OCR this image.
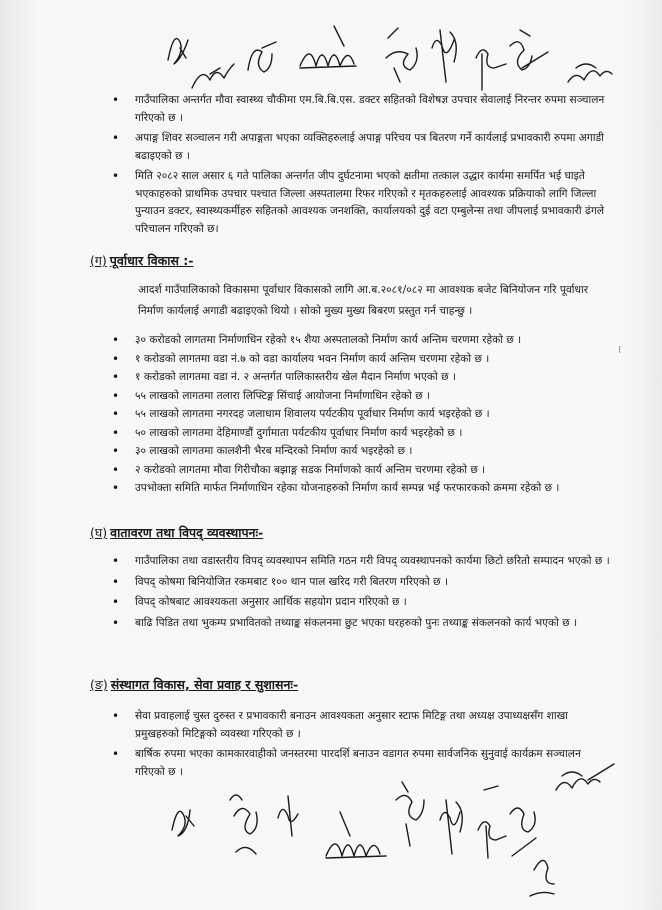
• गाउँपालिका अन्तर्गत मौवा स्वास्थ्य चौकीमा एम.बि.बि.एस. डक्टर सहितको विशेषज्ञ उपचार सेवालाई निरन्तर रुपमा सञ्चालन गरिएको छ ।
• अपाङ्ग शिवर सञ्चालन गरी अपाङ्गता भएका व्यक्तिहरुलाई अपाङ्ग परिचय पत्र बितरण गर्ने कार्यलाई प्रभावकारी रुपमा अगाडी बढाइएको छ ।
• मिति २०८२ साल असार ६ गते पालिका अन्तर्गत जीप दुर्घटनामा भएको क्षतीमा तत्काल उद्धार कार्यमा समर्पित भई घाइते भएकाहरुको प्राथमिक उपचार पश्चात जिल्ला अस्पतालमा रिफर गरिएको र मृतकहरुलाई आवश्यक प्रक्रियाको लागि जिल्ला पुन्याउन डक्टर, स्वास्थ्यकर्मीहरु सहितको आवश्यक जनशक्ति, कार्यालयको दुई वटा एम्बुलेन्स तथा जीपलाई प्रभावकारी ढंगले परिचालन गरिएको छ।
(ग) पूर्वाधार विकास :-

आदर्श गाउँपालिकाको विकासमा पूर्वाधार विकासको लागि आ.ब.२०८१/०८२ मा आवश्यक बजेट बिनियोजन गरि पूर्वाधार निर्माण कार्यलाई अगाडी बढाइएको थियो । सोको मुख्य मुख्य बिबरण प्रस्तुत गर्न चाहन्छु ।

• ३० करोडको लागतमा निर्माणाधिन रहेको १५ शैया अस्पतालको निर्माण कार्य अन्तिम चरणमा रहेको छ ।
• १ करोडको लागतमा वडा नं.७ को वडा कार्यालय भवन निर्माण कार्य अन्तिम चरणमा रहेको छ ।
• १ करोडको लागतमा वडा नं. २ अन्तर्गत पालिकास्तरीय खेल मैदान निर्माण भएको छ ।
• ५५ लाखको लागतमा तलारा लिफ्टिङ्ग सिंचाई आयोजना निर्माणाधिन रहेको छ ।
• ५५ लाखको लागतमा नगरदह जलाधाम शिवालय पर्यटकीय पूर्वाधार निर्माण कार्य भइरहेको छ ।
• ५० लाखको लागतमा देहिमाण्डौं दुर्गामाता पर्यटकीय पूर्वाधार निर्माण कार्य भइरहेको छ ।
• ३० लाखको लागतमा कालशैनी भैरब मन्दिरको निर्माण कार्य भइरहेको छ ।
• २ करोडको लागतमा मौवा गिरीचौका बझाङ्ग सडक निर्माणको कार्य अन्तिम चरणमा रहेको छ ।
• उपभोक्ता समिति मार्फत निर्माणाधिन रहेका योजनाहरुको निर्माण कार्य सम्पन्न भई फरफारकको क्रममा रहेको छ ।
⁝
(घ) वातावरण तथा विपद् व्यवस्थापनः-
• गाउँपालिका तथा वडास्तरीय विपद् व्यवस्थापन समिति गठन गरी विपद् व्यवस्थापनको कार्यमा छिटो छरितो सम्पादन भएको छ ।
• विपद् कोषमा बिनियोजित रकमबाट १०० थान पाल खरिद गरी बितरण गरिएको छ ।
• विपद् कोषबाट आवश्यकता अनुसार आर्थिक सहयोग प्रदान गरिएको छ ।
• बाढि पिडित तथा भुकम्प प्रभावितको तथ्याङ्क संकलनमा छुट भएका घरहरुको पुनः तथ्याङ्क संकलनको कार्य भएको छ ।
(ङ) संस्थागत विकास, सेवा प्रवाह र सुशासनः-
• सेवा प्रवाहलाई चुस्त दुरुस्त र प्रभावकारी बनाउन आवश्यकता अनुसार स्टाफ मिटिङ्ग तथा अध्यक्ष उपाध्यक्षसँग शाखा प्रमुखहरुको मिटिङ्गको व्यवस्था गरिएको छ ।
• बार्षिक रुपमा भएका कामकारवाहीको जनस्तरमा पारदर्शि बनाउन वडागत रुपमा सार्वजनिक सुनुवाई कार्यक्रम सञ्चालन गरिएको छ ।
